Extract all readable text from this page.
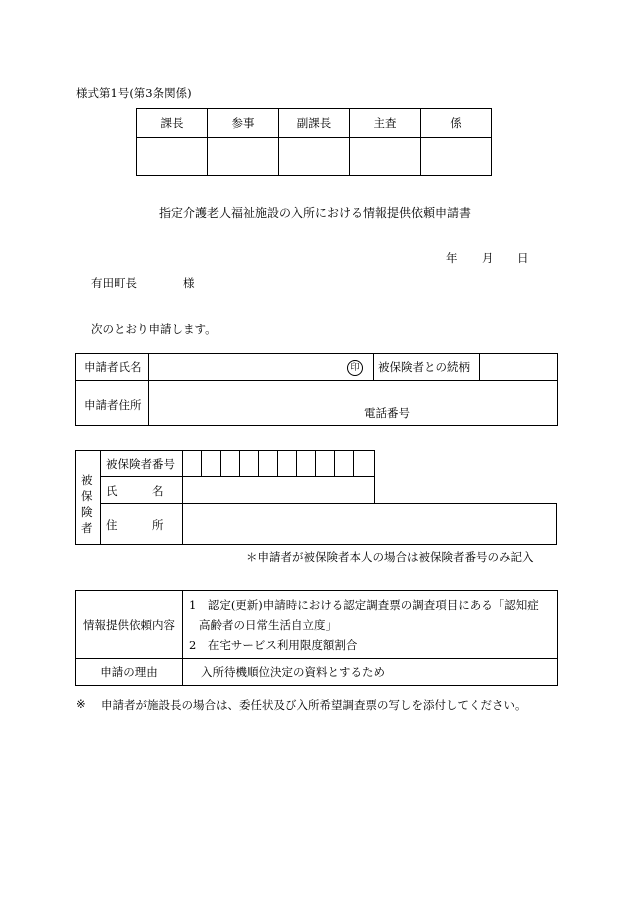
様式第1号(第3条関係)
課長	参事	副課長	主査	係

指定介護老人福祉施設の入所における情報提供依頼申請書
年 月 日
有田町長	様
次のとおり申請します。
申請者氏名	印	被保険者との続柄	
申請者住所	電話番号		
被保険者
被保険者番号
氏　　　名
住　　　所
＊申請者が被保険者本人の場合は被保険者番号のみ記入
情報提供依頼内容	1　認定(更新)申請時における認定調査票の調査項目にある「認知症
高齢者の日常生活自立度」
2　在宅サービス利用限度額割合

申請の理由	入所待機順位決定の資料とするため
※ 申請者が施設長の場合は、委任状及び入所希望調査票の写しを添付してください。
